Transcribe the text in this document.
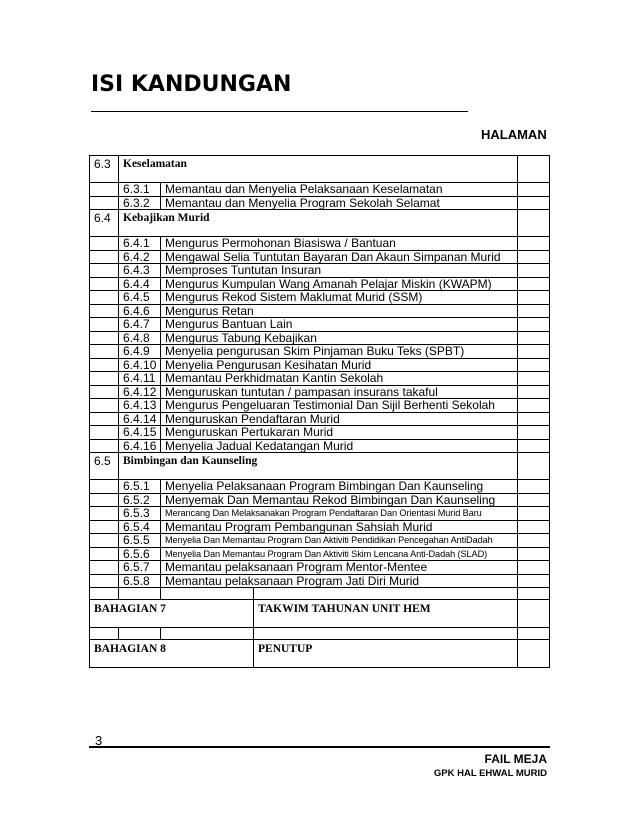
ISI KANDUNGAN
HALAMAN
6.3	Keselamatan			
	6.3.1	Memantau dan Menyelia Pelaksanaan Keselamatan		
	6.3.2	Memantau dan Menyelia Program Sekolah Selamat		
6.4	Kebajikan Murid			
	6.4.1	Mengurus Permohonan Biasiswa / Bantuan		
	6.4.2	Mengawal Selia Tuntutan Bayaran Dan Akaun Simpanan Murid		
	6.4.3	Memproses Tuntutan Insuran		
	6.4.4	Mengurus Kumpulan Wang Amanah Pelajar Miskin (KWAPM)		
	6.4.5	Mengurus Rekod Sistem Maklumat Murid (SSM)		
	6.4.6	Mengurus Retan		
	6.4.7	Mengurus Bantuan Lain		
	6.4.8	Mengurus Tabung Kebajikan		
	6.4.9	Menyelia pengurusan Skim Pinjaman Buku Teks (SPBT)		
	6.4.10	Menyelia Pengurusan Kesihatan Murid		
	6.4.11	Memantau Perkhidmatan Kantin Sekolah		
	6.4.12	Menguruskan tuntutan / pampasan insurans takaful		
	6.4.13	Mengurus Pengeluaran Testimonial Dan Sijil Berhenti Sekolah		
	6.4.14	Menguruskan Pendaftaran Murid		
	6.4.15	Menguruskan Pertukaran Murid		
	6.4.16	Menyelia Jadual Kedatangan Murid		
6.5	Bimbingan dan Kaunseling			
	6.5.1	Menyelia Pelaksanaan Program Bimbingan Dan Kaunseling		
	6.5.2	Menyemak Dan Memantau Rekod Bimbingan Dan Kaunseling		
	6.5.3	Merancang Dan Melaksanakan Program Pendaftaran Dan Orientasi Murid Baru		
	6.5.4	Memantau Program Pembangunan Sahsiah Murid		
	6.5.5	Menyelia Dan Memantau Program Dan Aktiviti Pendidikan Pencegahan AntiDadah		
	6.5.6	Menyelia Dan Memantau Program Dan Aktiviti Skim Lencana Anti-Dadah (SLAD)		
	6.5.7	Memantau pelaksanaan Program Mentor-Mentee		
	6.5.8	Memantau pelaksanaan Program Jati Diri Murid		

BAHAGIAN 7			TAKWIM TAHUNAN UNIT HEM	

BAHAGIAN 8			PENUTUP	
3
FAIL MEJA
GPK HAL EHWAL MURID
